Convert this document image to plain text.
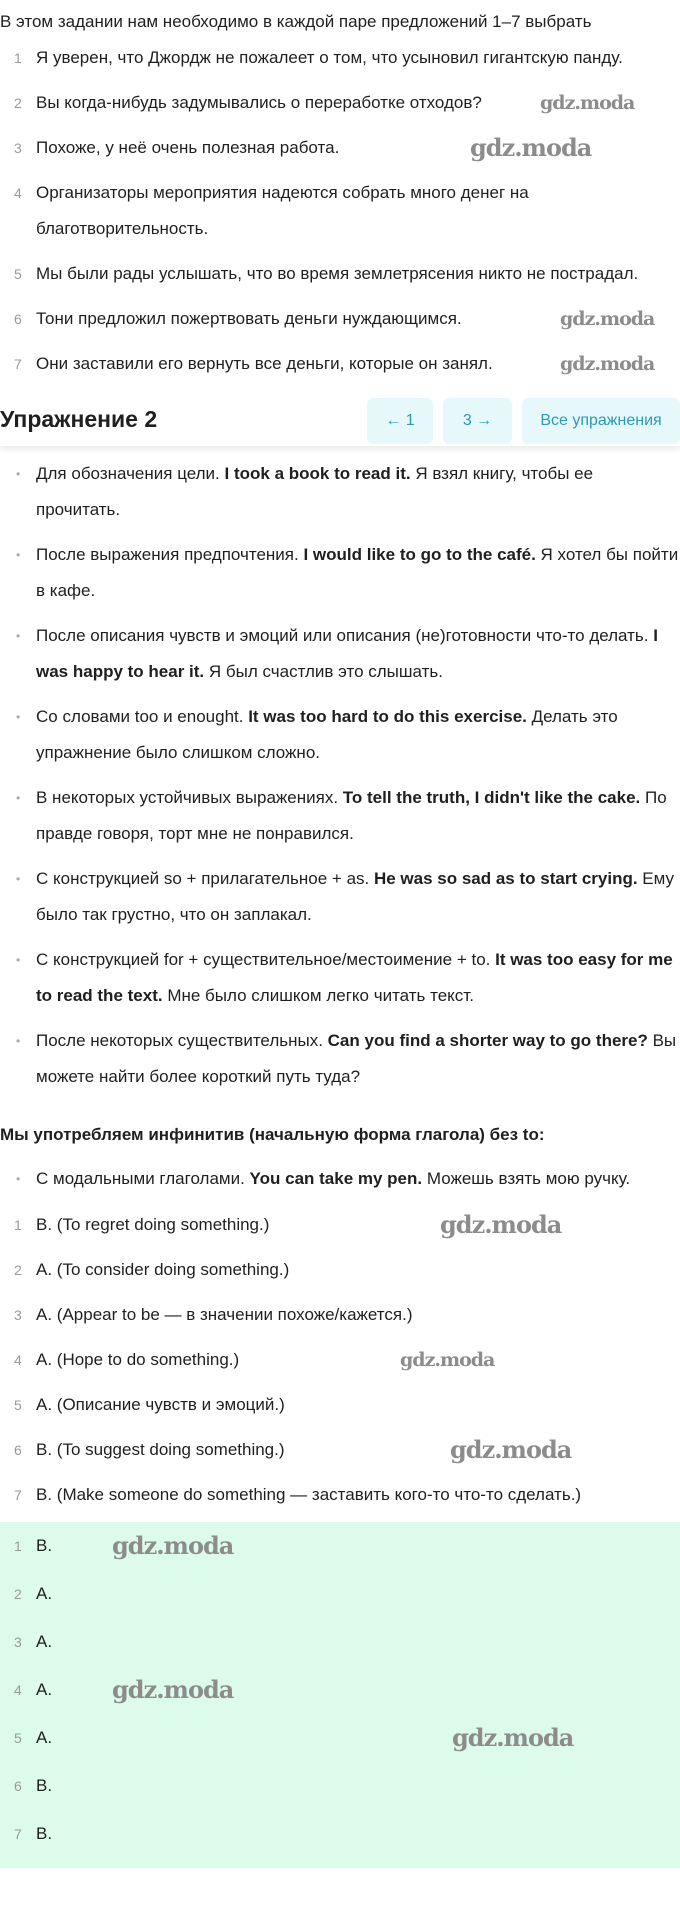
В этом задании нам необходимо в каждой паре предложений 1–7 выбрать
1 Я уверен, что Джордж не пожалеет о том, что усыновил гигантскую панду.
2 Вы когда-нибудь задумывались о переработке отходов?	gdz.moda
3 Похоже, у неё очень полезная работа.	gdz.moda
4 Организаторы мероприятия надеются собрать много денег на благотворительность.
5 Мы были рады услышать, что во время землетрясения никто не пострадал.
6 Тони предложил пожертвовать деньги нуждающимся.	gdz.moda
7 Они заставили его вернуть все деньги, которые он занял.	gdz.moda
Упражнение 2	← 1	3 →	Все упражнения
• Для обозначения цели. I took a book to read it. Я взял книгу, чтобы ее прочитать.
• После выражения предпочтения. I would like to go to the café. Я хотел бы пойти в кафе.
• После описания чувств и эмоций или описания (не)готовности что-то делать. I was happy to hear it. Я был счастлив это слышать.
• Со словами too и enought. It was too hard to do this exercise. Делать это упражнение было слишком сложно.
• В некоторых устойчивых выражениях. To tell the truth, I didn't like the cake. По правде говоря, торт мне не понравился.
• С конструкцией so + прилагательное + as. He was so sad as to start crying. Ему было так грустно, что он заплакал.
• С конструкцией for + существительное/местоимение + to. It was too easy for me to read the text. Мне было слишком легко читать текст.
• После некоторых существительных. Can you find a shorter way to go there? Вы можете найти более короткий путь туда?
Мы употребляем инфинитив (начальную форма глагола) без to:
• С модальными глаголами. You can take my pen. Можешь взять мою ручку.
1 B. (To regret doing something.)	gdz.moda
2 A. (To consider doing something.)
3 A. (Appear to be — в значении похоже/кажется.)
4 A. (Hope to do something.)	gdz.moda
5 A. (Описание чувств и эмоций.)
6 B. (To suggest doing something.)	gdz.moda
7 B. (Make someone do something — заставить кого-то что-то сделать.)
1 B.	gdz.moda
2 A.
3 A.
4 A.	gdz.moda
5 A.	gdz.moda
6 B.
7 B.
